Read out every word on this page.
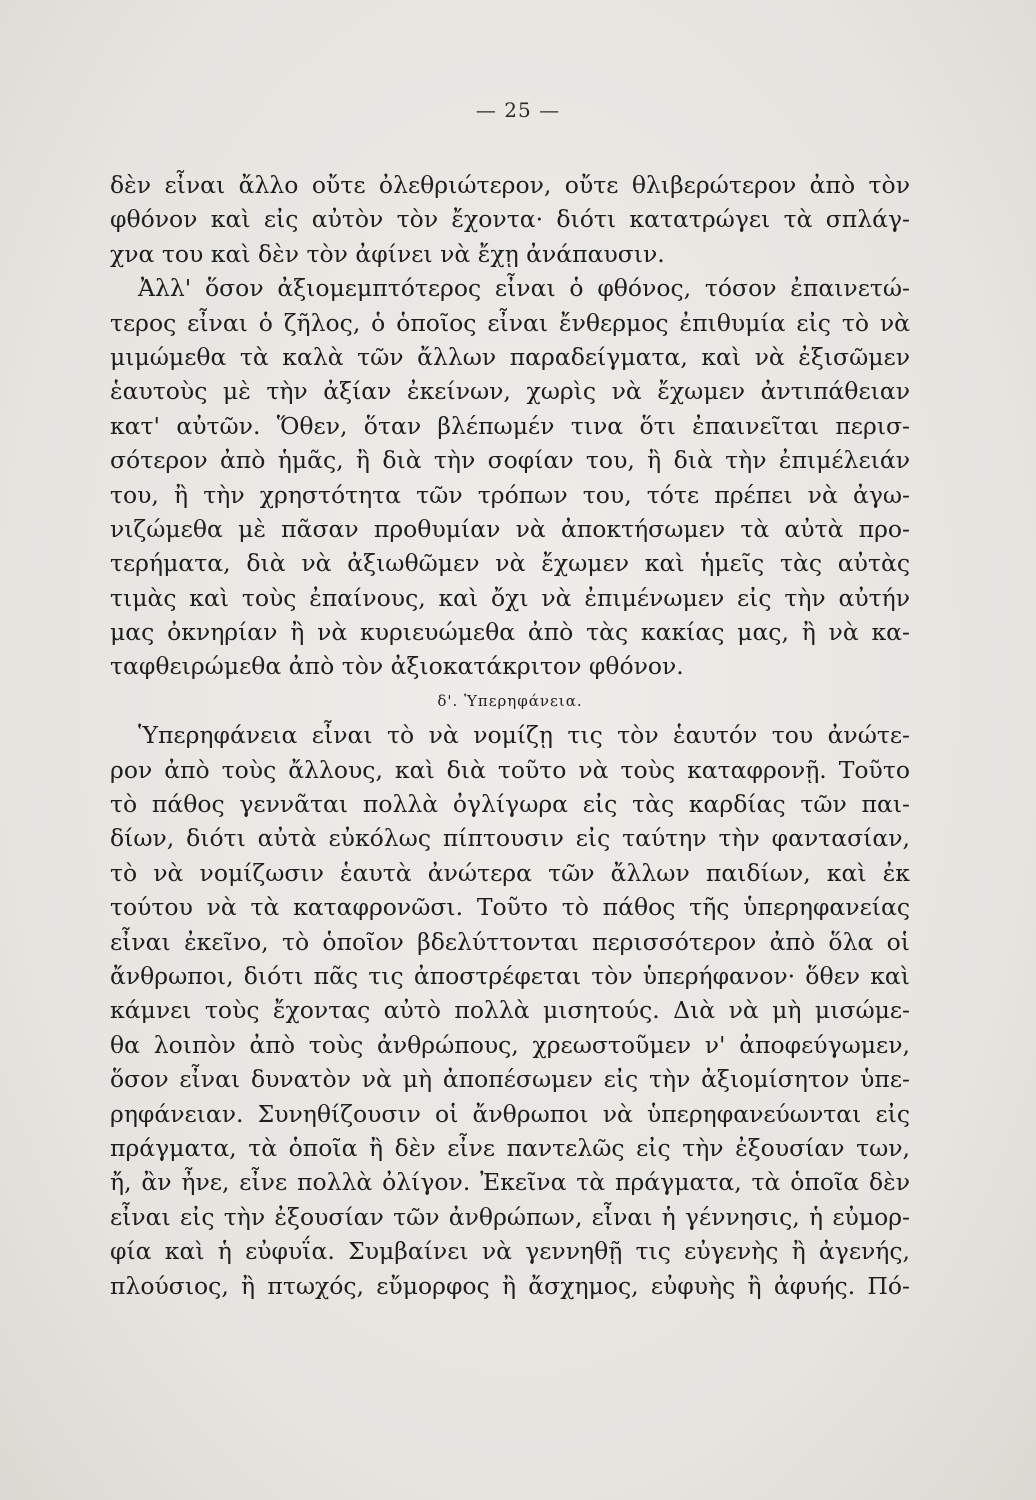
— 25 —
δὲν εἶναι ἄλλο οὔτε ὀλεθριώτερον, οὔτε θλιβερώτερον ἀπὸ τὸν
φθόνον καὶ εἰς αὐτὸν τὸν ἔχοντα· διότι κατατρώγει τὰ σπλάγ-
χνα του καὶ δὲν τὸν ἀφίνει νὰ ἔχῃ ἀνάπαυσιν.
Ἀλλ' ὅσον ἀξιομεμπτότερος εἶναι ὁ φθόνος, τόσον ἐπαινετώ-
τερος εἶναι ὁ ζῆλος, ὁ ὁποῖος εἶναι ἔνθερμος ἐπιθυμία εἰς τὸ νὰ
μιμώμεθα τὰ καλὰ τῶν ἄλλων παραδείγματα, καὶ νὰ ἐξισῶμεν
ἑαυτοὺς μὲ τὴν ἀξίαν ἐκείνων, χωρὶς νὰ ἔχωμεν ἀντιπάθειαν
κατ' αὐτῶν. Ὅθεν, ὅταν βλέπωμέν τινα ὅτι ἐπαινεῖται περισ-
σότερον ἀπὸ ἡμᾶς, ἢ διὰ τὴν σοφίαν του, ἢ διὰ τὴν ἐπιμέλειάν
του, ἢ τὴν χρηστότητα τῶν τρόπων του, τότε πρέπει νὰ ἀγω-
νιζώμεθα μὲ πᾶσαν προθυμίαν νὰ ἀποκτήσωμεν τὰ αὐτὰ προ-
τερήματα, διὰ νὰ ἀξιωθῶμεν νὰ ἔχωμεν καὶ ἡμεῖς τὰς αὐτὰς
τιμὰς καὶ τοὺς ἐπαίνους, καὶ ὄχι νὰ ἐπιμένωμεν εἰς τὴν αὐτήν
μας ὀκνηρίαν ἢ νὰ κυριευώμεθα ἀπὸ τὰς κακίας μας, ἢ νὰ κα-
ταφθειρώμεθα ἀπὸ τὸν ἀξιοκατάκριτον φθόνον.
δ'. Ὑπερηφάνεια.
Ὑπερηφάνεια εἶναι τὸ νὰ νομίζῃ τις τὸν ἑαυτόν του ἀνώτε-
ρον ἀπὸ τοὺς ἄλλους, καὶ διὰ τοῦτο νὰ τοὺς καταφρονῇ. Τοῦτο
τὸ πάθος γεννᾶται πολλὰ ὀγλίγωρα εἰς τὰς καρδίας τῶν παι-
δίων, διότι αὐτὰ εὐκόλως πίπτουσιν εἰς ταύτην τὴν φαντασίαν,
τὸ νὰ νομίζωσιν ἑαυτὰ ἀνώτερα τῶν ἄλλων παιδίων, καὶ ἐκ
τούτου νὰ τὰ καταφρονῶσι. Τοῦτο τὸ πάθος τῆς ὑπερηφανείας
εἶναι ἐκεῖνο, τὸ ὁποῖον βδελύττονται περισσότερον ἀπὸ ὅλα οἱ
ἄνθρωποι, διότι πᾶς τις ἀποστρέφεται τὸν ὑπερήφανον· ὅθεν καὶ
κάμνει τοὺς ἔχοντας αὐτὸ πολλὰ μισητούς. Διὰ νὰ μὴ μισώμε-
θα λοιπὸν ἀπὸ τοὺς ἀνθρώπους, χρεωστοῦμεν ν' ἀποφεύγωμεν,
ὅσον εἶναι δυνατὸν νὰ μὴ ἀποπέσωμεν εἰς τὴν ἀξιομίσητον ὑπε-
ρηφάνειαν. Συνηθίζουσιν οἱ ἄνθρωποι νὰ ὑπερηφανεύωνται εἰς
πράγματα, τὰ ὁποῖα ἢ δὲν εἶνε παντελῶς εἰς τὴν ἐξουσίαν των,
ἤ, ἂν ἦνε, εἶνε πολλὰ ὀλίγον. Ἐκεῖνα τὰ πράγματα, τὰ ὁποῖα δὲν
εἶναι εἰς τὴν ἐξουσίαν τῶν ἀνθρώπων, εἶναι ἡ γέννησις, ἡ εὐμορ-
φία καὶ ἡ εὐφυΐα. Συμβαίνει νὰ γεννηθῇ τις εὐγενὴς ἢ ἀγενής,
πλούσιος, ἢ πτωχός, εὔμορφος ἢ ἄσχημος, εὐφυὴς ἢ ἀφυής. Πό-
